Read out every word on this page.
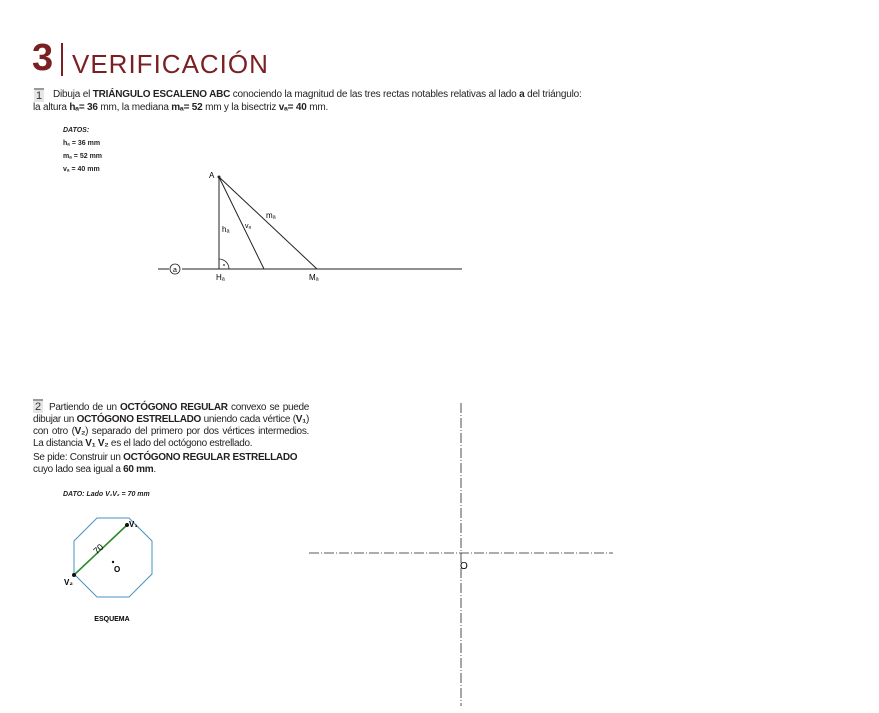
3 VERIFICACIÓN
1 Dibuja el TRIÁNGULO ESCALENO ABC conociendo la magnitud de las tres rectas notables relativas al lado a del triángulo:
la altura hₐ= 36 mm, la mediana mₐ= 52 mm y la bisectriz vₐ= 40 mm.
DATOS:
hₐ = 36 mm
mₐ = 52 mm
vₐ = 40 mm
a
A
hₐ vₐ
mₐ
Hₐ	Mₐ
2 Partiendo de un OCTÓGONO REGULAR convexo se puede dibujar un OCTÓGONO ESTRELLADO uniendo cada vértice (V₁) con otro (V₂) separado del primero por dos vértices intermedios. La distancia V₁ V₂ es el lado del octógono estrellado.
Se pide: Construir un OCTÓGONO REGULAR ESTRELLADO cuyo lado sea igual a 60 mm.
DATO: Lado V₁V₂ = 70 mm
V₁
V₂
O
70
ESQUEMA
O
